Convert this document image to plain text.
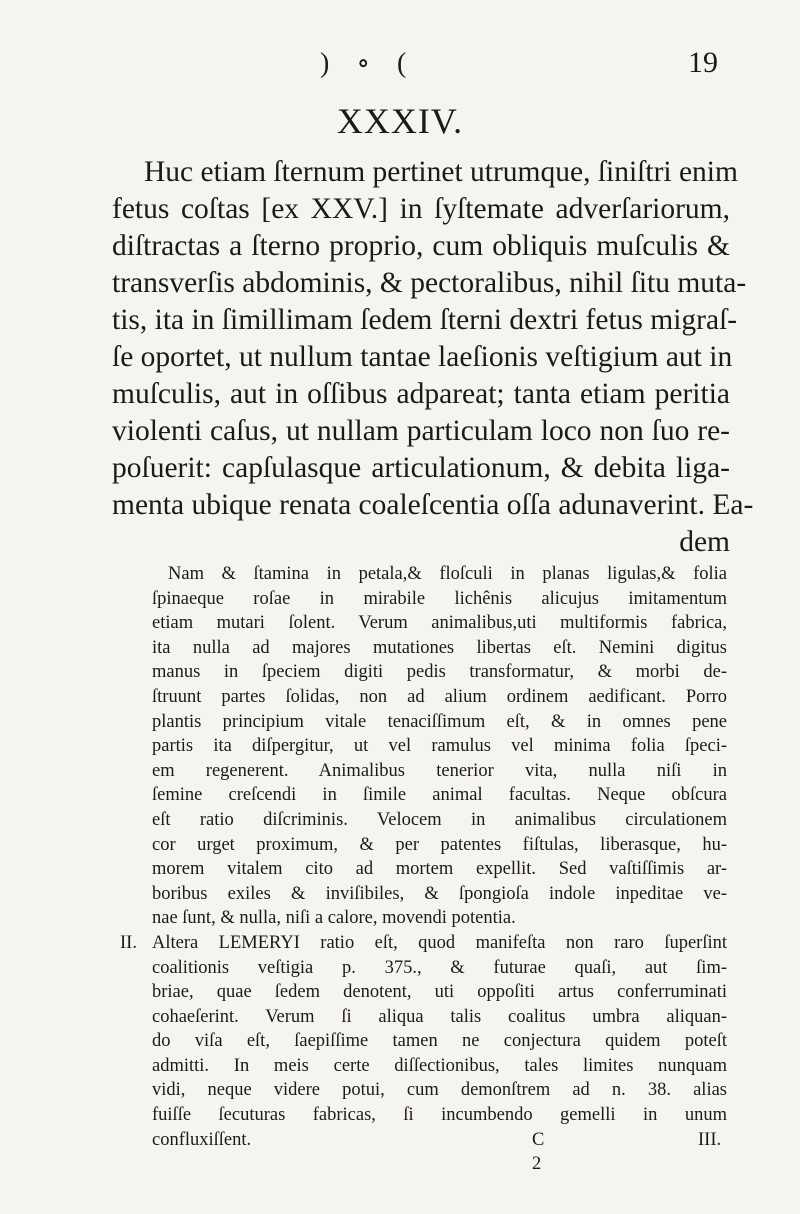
) ∘ (	19
XXXIV.
Huc etiam ſternum pertinet utrumque, ſiniſtri enim
fetus coſtas [ex XXV.] in ſyſtemate adverſariorum,
diſtractas a ſterno proprio, cum obliquis muſculis &
transverſis abdominis, & pectoralibus, nihil ſitu muta-
tis, ita in ſimillimam ſedem ſterni dextri fetus migraſ-
ſe oportet, ut nullum tantae laeſionis veſtigium aut in
muſculis, aut in oſſibus adpareat; tanta etiam peritia
violenti caſus, ut nullam particulam loco non ſuo re-
poſuerit: capſulasque articulationum, & debita liga-
menta ubique renata coaleſcentia oſſa adunaverint. Ea-
dem
Nam & ſtamina in petala,& floſculi in planas ligulas,& folia
ſpinaeque roſae in mirabile lichênis alicujus imitamentum
etiam mutari ſolent. Verum animalibus,uti multiformis fabrica,
ita nulla ad majores mutationes libertas eſt. Nemini digitus
manus in ſpeciem digiti pedis transformatur, & morbi de-
ſtruunt partes ſolidas, non ad alium ordinem aedificant. Porro
plantis principium vitale tenaciſſimum eſt, & in omnes pene
partis ita diſpergitur, ut vel ramulus vel minima folia ſpeci-
em regenerent. Animalibus tenerior vita, nulla niſi in
ſemine creſcendi in ſimile animal facultas. Neque obſcura
eſt ratio diſcriminis. Velocem in animalibus circulationem
cor urget proximum, & per patentes fiſtulas, liberasque, hu-
morem vitalem cito ad mortem expellit. Sed vaſtiſſimis ar-
boribus exiles & inviſibiles, & ſpongioſa indole inpeditae ve-
nae ſunt, & nulla, niſi a calore, movendi potentia.
II. Altera LEMERYI ratio eſt, quod manifeſta non raro ſuperſint
coalitionis veſtigia p. 375., & futurae quaſi, aut ſim-
briae, quae ſedem denotent, uti oppoſiti artus conferruminati
cohaeſerint. Verum ſi aliqua talis coalitus umbra aliquan-
do viſa eſt, ſaepiſſime tamen ne conjectura quidem poteſt
admitti. In meis certe diſſectionibus, tales limites nunquam
vidi, neque videre potui, cum demonſtrem ad n. 38. alias
fuiſſe ſecuturas fabricas, ſi incumbendo gemelli in unum
confluxiſſent.	C 2
III.
